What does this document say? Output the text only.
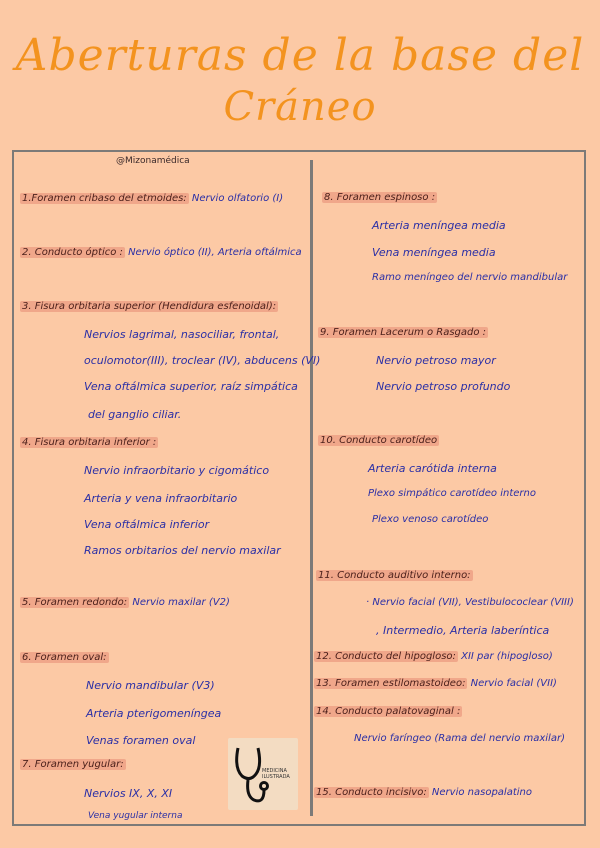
Aberturas de la base del
Cráneo
@Mizonamédica
1.Foramen cribaso del etmoides: Nervio olfatorio (I)
2. Conducto óptico : Nervio óptico (II), Arteria oftálmica
3. Fisura orbitaria superior (Hendidura esfenoidal):
Nervios lagrimal, nasociliar, frontal,
oculomotor(III), troclear (IV), abducens (VI)
Vena oftálmica superior, raíz simpática
del ganglio ciliar.
4. Fisura orbitaria inferior :
Nervio infraorbitario y cigomático
Arteria y vena infraorbitario
Vena oftálmica inferior
Ramos orbitarios del nervio maxilar
5. Foramen redondo: Nervio maxilar (V2)
6. Foramen oval:
Nervio mandibular (V3)
Arteria pterigomeníngea
Venas foramen oval
7. Foramen yugular:
Nervios IX, X, XI
Vena yugular interna
MEDICINA ILUSTRADA
8. Foramen espinoso :
Arteria meníngea media
Vena meníngea media
Ramo meníngeo del nervio mandibular
9. Foramen Lacerum o Rasgado :
Nervio petroso mayor
Nervio petroso profundo
10. Conducto carotídeo
Arteria carótida interna
Plexo simpático carotídeo interno
Plexo venoso carotídeo
11. Conducto auditivo interno:
· Nervio facial (VII), Vestibulococlear (VIII)
, Intermedio, Arteria laberíntica
12. Conducto del hipogloso: XII par (hipogloso)
13. Foramen estilomastoideo: Nervio facial (VII)
14. Conducto palatovaginal :
Nervio faríngeo (Rama del nervio maxilar)
15. Conducto incisivo: Nervio nasopalatino
